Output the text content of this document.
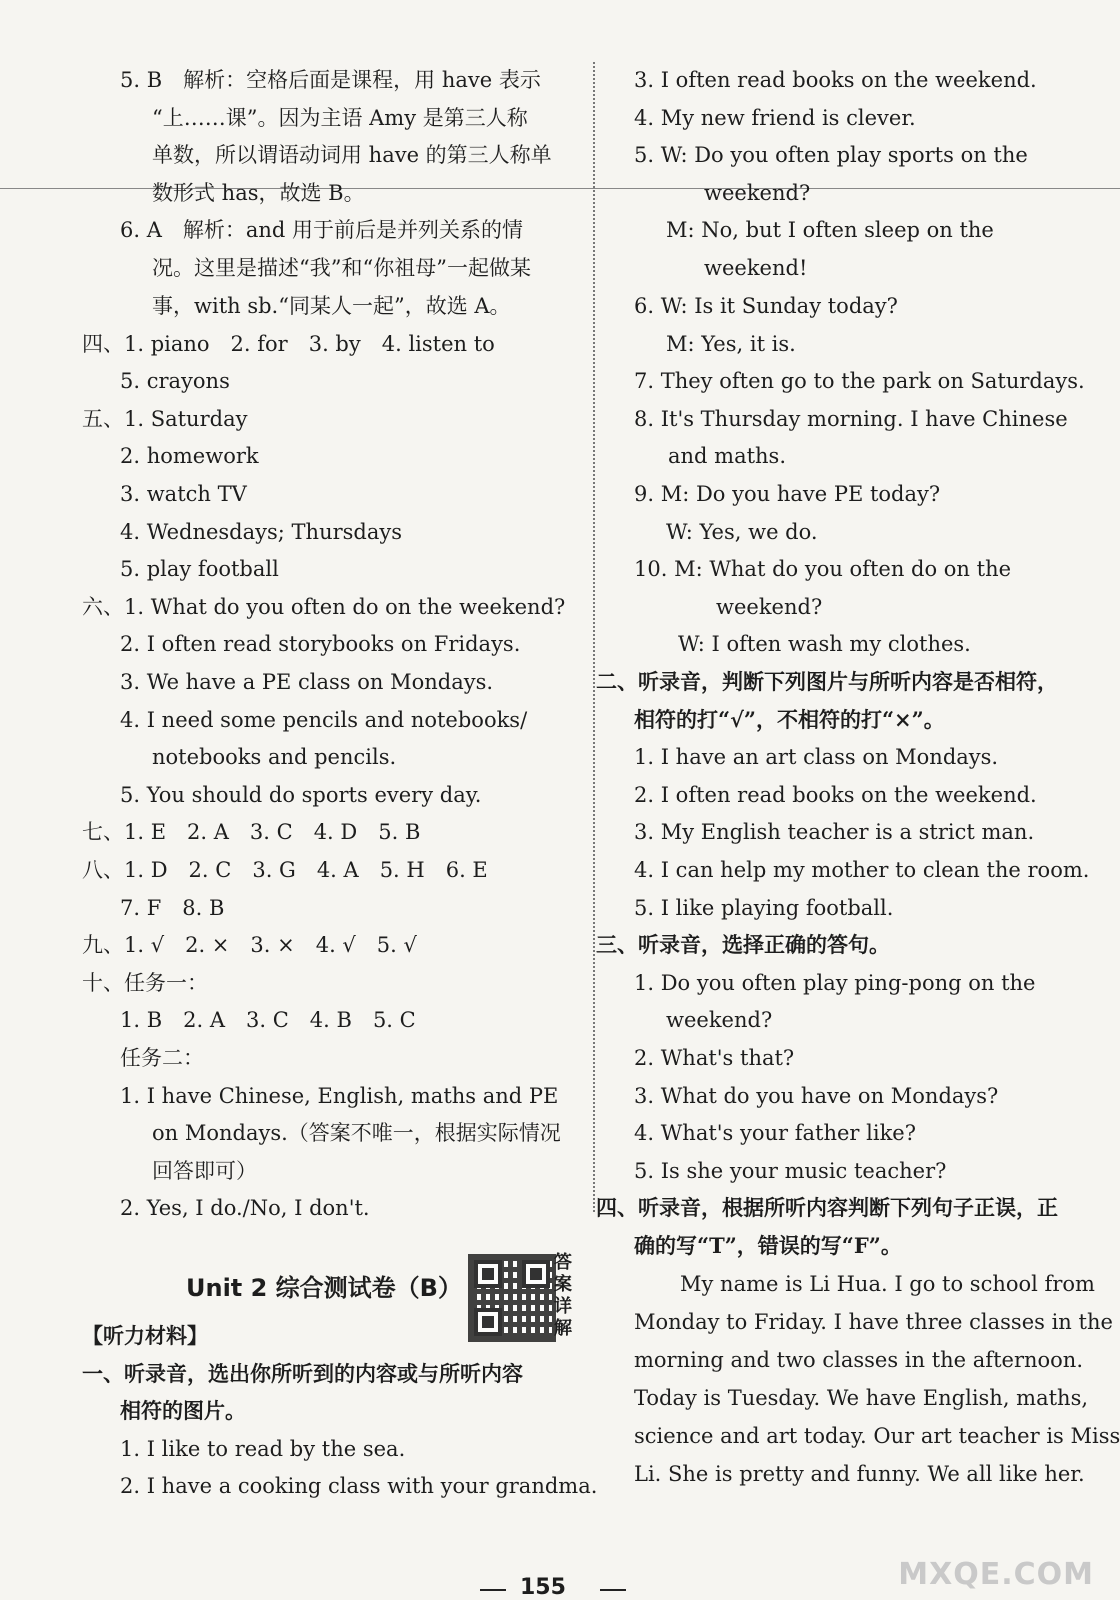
5. B　解析：空格后面是课程，用 have 表示
“上……课”。因为主语 Amy 是第三人称
单数，所以谓语动词用 have 的第三人称单
数形式 has，故选 B。
6. A　解析：and 用于前后是并列关系的情
况。这里是描述“我”和“你祖母”一起做某
事，with sb.“同某人一起”，故选 A。
四、1. piano　2. for　3. by　4. listen to
5. crayons
五、1. Saturday
2. homework
3. watch TV
4. Wednesdays; Thursdays
5. play football
六、1. What do you often do on the weekend?
2. I often read storybooks on Fridays.
3. We have a PE class on Mondays.
4. I need some pencils and notebooks/
notebooks and pencils.
5. You should do sports every day.
七、1. E　2. A　3. C　4. D　5. B
八、1. D　2. C　3. G　4. A　5. H　6. E
7. F　8. B
九、1. √　2. ×　3. ×　4. √　5. √
十、任务一：
1. B　2. A　3. C　4. B　5. C
任务二：
1. I have Chinese, English, maths and PE
on Mondays.（答案不唯一，根据实际情况
回答即可）
2. Yes, I do./No, I don't.
Unit 2 综合测试卷（B）
答案详解
【听力材料】
一、听录音，选出你所听到的内容或与所听内容
相符的图片。
1. I like to read by the sea.
2. I have a cooking class with your grandma.
3. I often read books on the weekend.
4. My new friend is clever.
5. W: Do you often play sports on the
weekend?
M: No, but I often sleep on the
weekend!
6. W: Is it Sunday today?
M: Yes, it is.
7. They often go to the park on Saturdays.
8. It's Thursday morning. I have Chinese
and maths.
9. M: Do you have PE today?
W: Yes, we do.
10. M: What do you often do on the
weekend?
W: I often wash my clothes.
二、听录音，判断下列图片与所听内容是否相符，
相符的打“√”，不相符的打“×”。
1. I have an art class on Mondays.
2. I often read books on the weekend.
3. My English teacher is a strict man.
4. I can help my mother to clean the room.
5. I like playing football.
三、听录音，选择正确的答句。
1. Do you often play ping-pong on the
weekend?
2. What's that?
3. What do you have on Mondays?
4. What's your father like?
5. Is she your music teacher?
四、听录音，根据所听内容判断下列句子正误，正
确的写“T”，错误的写“F”。
My name is Li Hua. I go to school from
Monday to Friday. I have three classes in the
morning and two classes in the afternoon.
Today is Tuesday. We have English, maths,
science and art today. Our art teacher is Miss
Li. She is pretty and funny. We all like her.
155	MXQE.COM
